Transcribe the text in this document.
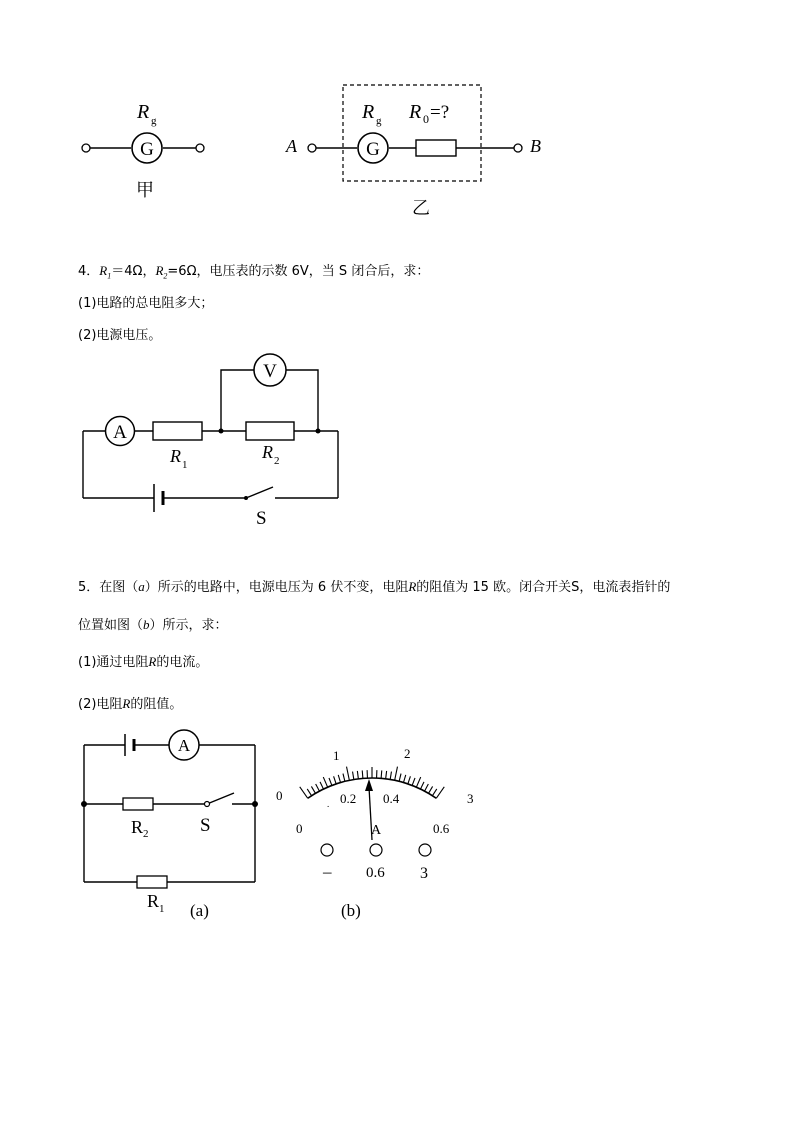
G
R g
甲
G
A	B
R g R 0 =?
乙
4．$R_1=4\Omega$，$R_2=6\Omega$，电压表的示数 6V，当 S 闭合后，求：
(1)电路的总电阻多大；
(2)电源电压。
V
A
R 1
R 2
S
5．在图（a）所示的电路中，电源电压为 6 伏不变，电阻R的阻值为 15 欧。闭合开关S，电流表指针的
位置如图（b）所示，求：
(1)通过电阻R的电流。
(2)电阻R的阻值。
A
R 2	S
R 1 (a)
0
1	2
3
0
0.2 0.4
0.6
.
A
– 0.6 3
(b)
